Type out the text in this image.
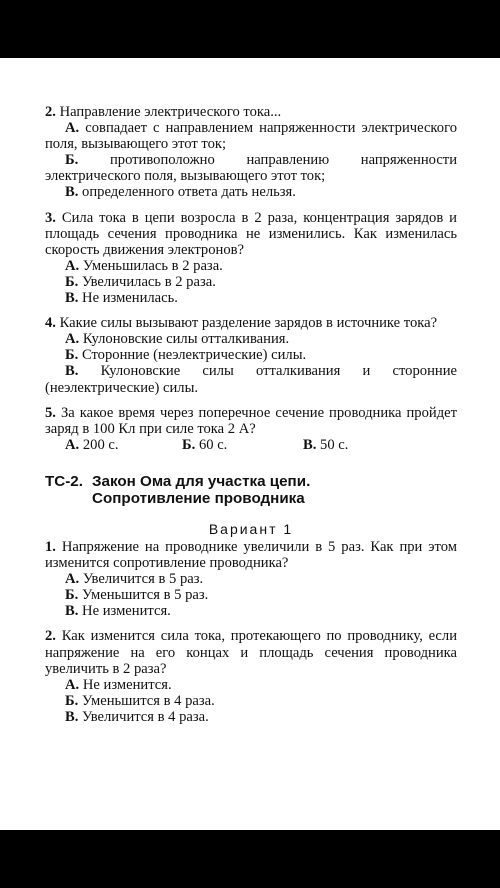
2. Направление электрического тока...

А. совпадает с направлением напряженности электрического поля, вызывающего этот ток;

Б. противоположно направлению напряженности электрического поля, вызывающего этот ток;

В. определенного ответа дать нельзя.

3. Сила тока в цепи возросла в 2 раза, концентрация зарядов и площадь сечения проводника не изменились. Как изменилась скорость движения электронов?

А. Уменьшилась в 2 раза.

Б. Увеличилась в 2 раза.

В. Не изменилась.

4. Какие силы вызывают разделение зарядов в источнике тока?

А. Кулоновские силы отталкивания.

Б. Сторонние (неэлектрические) силы.

В. Кулоновские силы отталкивания и сторонние (неэлектрические) силы.

5. За какое время через поперечное сечение проводника пройдет заряд в 100 Кл при силе тока 2 А?

А. 200 с.	Б. 60 с.	В. 50 с.
ТС-2. Закон Ома для участка цепи.
Сопротивление проводника
Вариант 1

1. Напряжение на проводнике увеличили в 5 раз. Как при этом изменится сопротивление проводника?

А. Увеличится в 5 раз.

Б. Уменьшится в 5 раз.

В. Не изменится.

2. Как изменится сила тока, протекающего по проводнику, если напряжение на его концах и площадь сечения проводника увеличить в 2 раза?

А. Не изменится.

Б. Уменьшится в 4 раза.

В. Увеличится в 4 раза.
